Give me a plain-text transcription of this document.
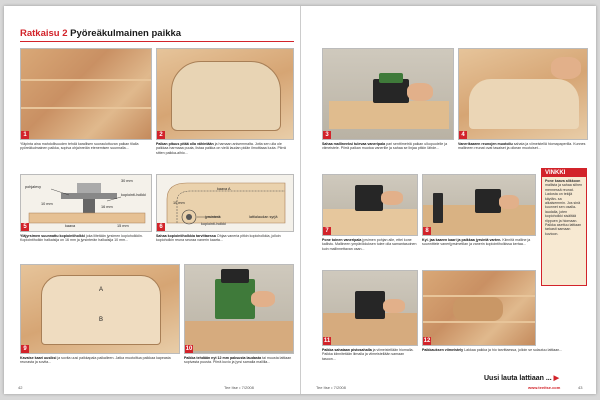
Ratkaisu 2 Pyöreäkulmainen paikka
1
Yläpinta aina mahdollisuuden tehdä karallisen suoraulottuvan paikan tilalla pyöreäkulmainen paikka, sopiva ohjainreiän etenemisen suunnalla...
2
Paikan pituus pitää olla vähintään ja hamaan anisemmalta. Jotta sen ulla ole paikkaa harmaaa puuta, listaa paikka on vielä laudan pidän ilmoittaaa luuta. Piirrä sitten paikka-aihio...
pohjalevy
30 mm
kopiointi-holkki
10 mm
16 mm
kaava	15 mm
5
Yläjyrsimen suunnattu kopiointiholkki joka liitetään jyrsimen kopioholkkiin. Kopiointiholkin halkaisija on 16 mm ja jyrsinterän halkaisija 10 mm...
kaava A
10 mm
jyrsinterä
kopiointi-holkki
lattialaudan syrjä
6
Sahaa kopiointiholkkia tarvittaessa Ohjaa vaneria pitkin kopioholkkia, jolloin kopioholkin reuna seuraa vanerin kaarta...
A
B
9
Kavaise kaari uusiksi ja sovita uusi paikkapala paikalleen. Jatka muotoiltua paikkaa kapeasta reunasta ja sovita...
10
Paikka tehdään nyt 12 mm paksusta laudasta tai muusta lattiaan sopivasta puusta. Piirrä kuvio ja jyrsi samalla mallilla...
3
Sahaa mallineeksi tulevaa vaneripala pari senttimetriä paikan ulkopuolelle ja viimeistele. Piirrä paikan muotoa vanerille ja sahaa se linjaa pitkin lähde...
4
Vanerikaaren reunojen muotoilu sahata ja viimeistellä hiomapaperilla. Kunnes mallineen reunat ovat tasaiset ja oikean muotoiset...
7
Pone toinen vaneripala jyrsimen pohjan alle, ettei kone kallistu. Mallineen ympäröiduksen tulee olla samantasoinen kuin mallinnettavan osan...
8
Kyl. jaa kaaren kaari ja paikkaa jyrsintä varten. Kiinnitä malline ja suunnittele vanerijyrsimetilan ja vanerin kopiointiholkissa kertaa...
VINKKI
Pone kaava alikkoon mallista ja sahaa siihen mennessä reunat. Ladosta on tekijä käytän- sa aikaisemmin. Jos sinä kuunnet sen osalla- laudalla, joten kopioholkki sisältää riippuen ja hiomaan. Paikka asettuu lattiaan tarkasti samaan kuvioon.
11
Paikka sahataan pistosahalla ja viimeistellään hiomalla. Paikka kiinnitetään liimalla ja viimeistellään samaan tasoon...
12
Paikkauksen viimeistely Lakkaa paikka ja hio tarvittaessa, jolloin se sulautuu lattiaan...
Uusi lauta lattiaan ... ▶
42	Tee Itse • 7/2008	Tee Itse • 7/2008	www.teeitse.com	43
